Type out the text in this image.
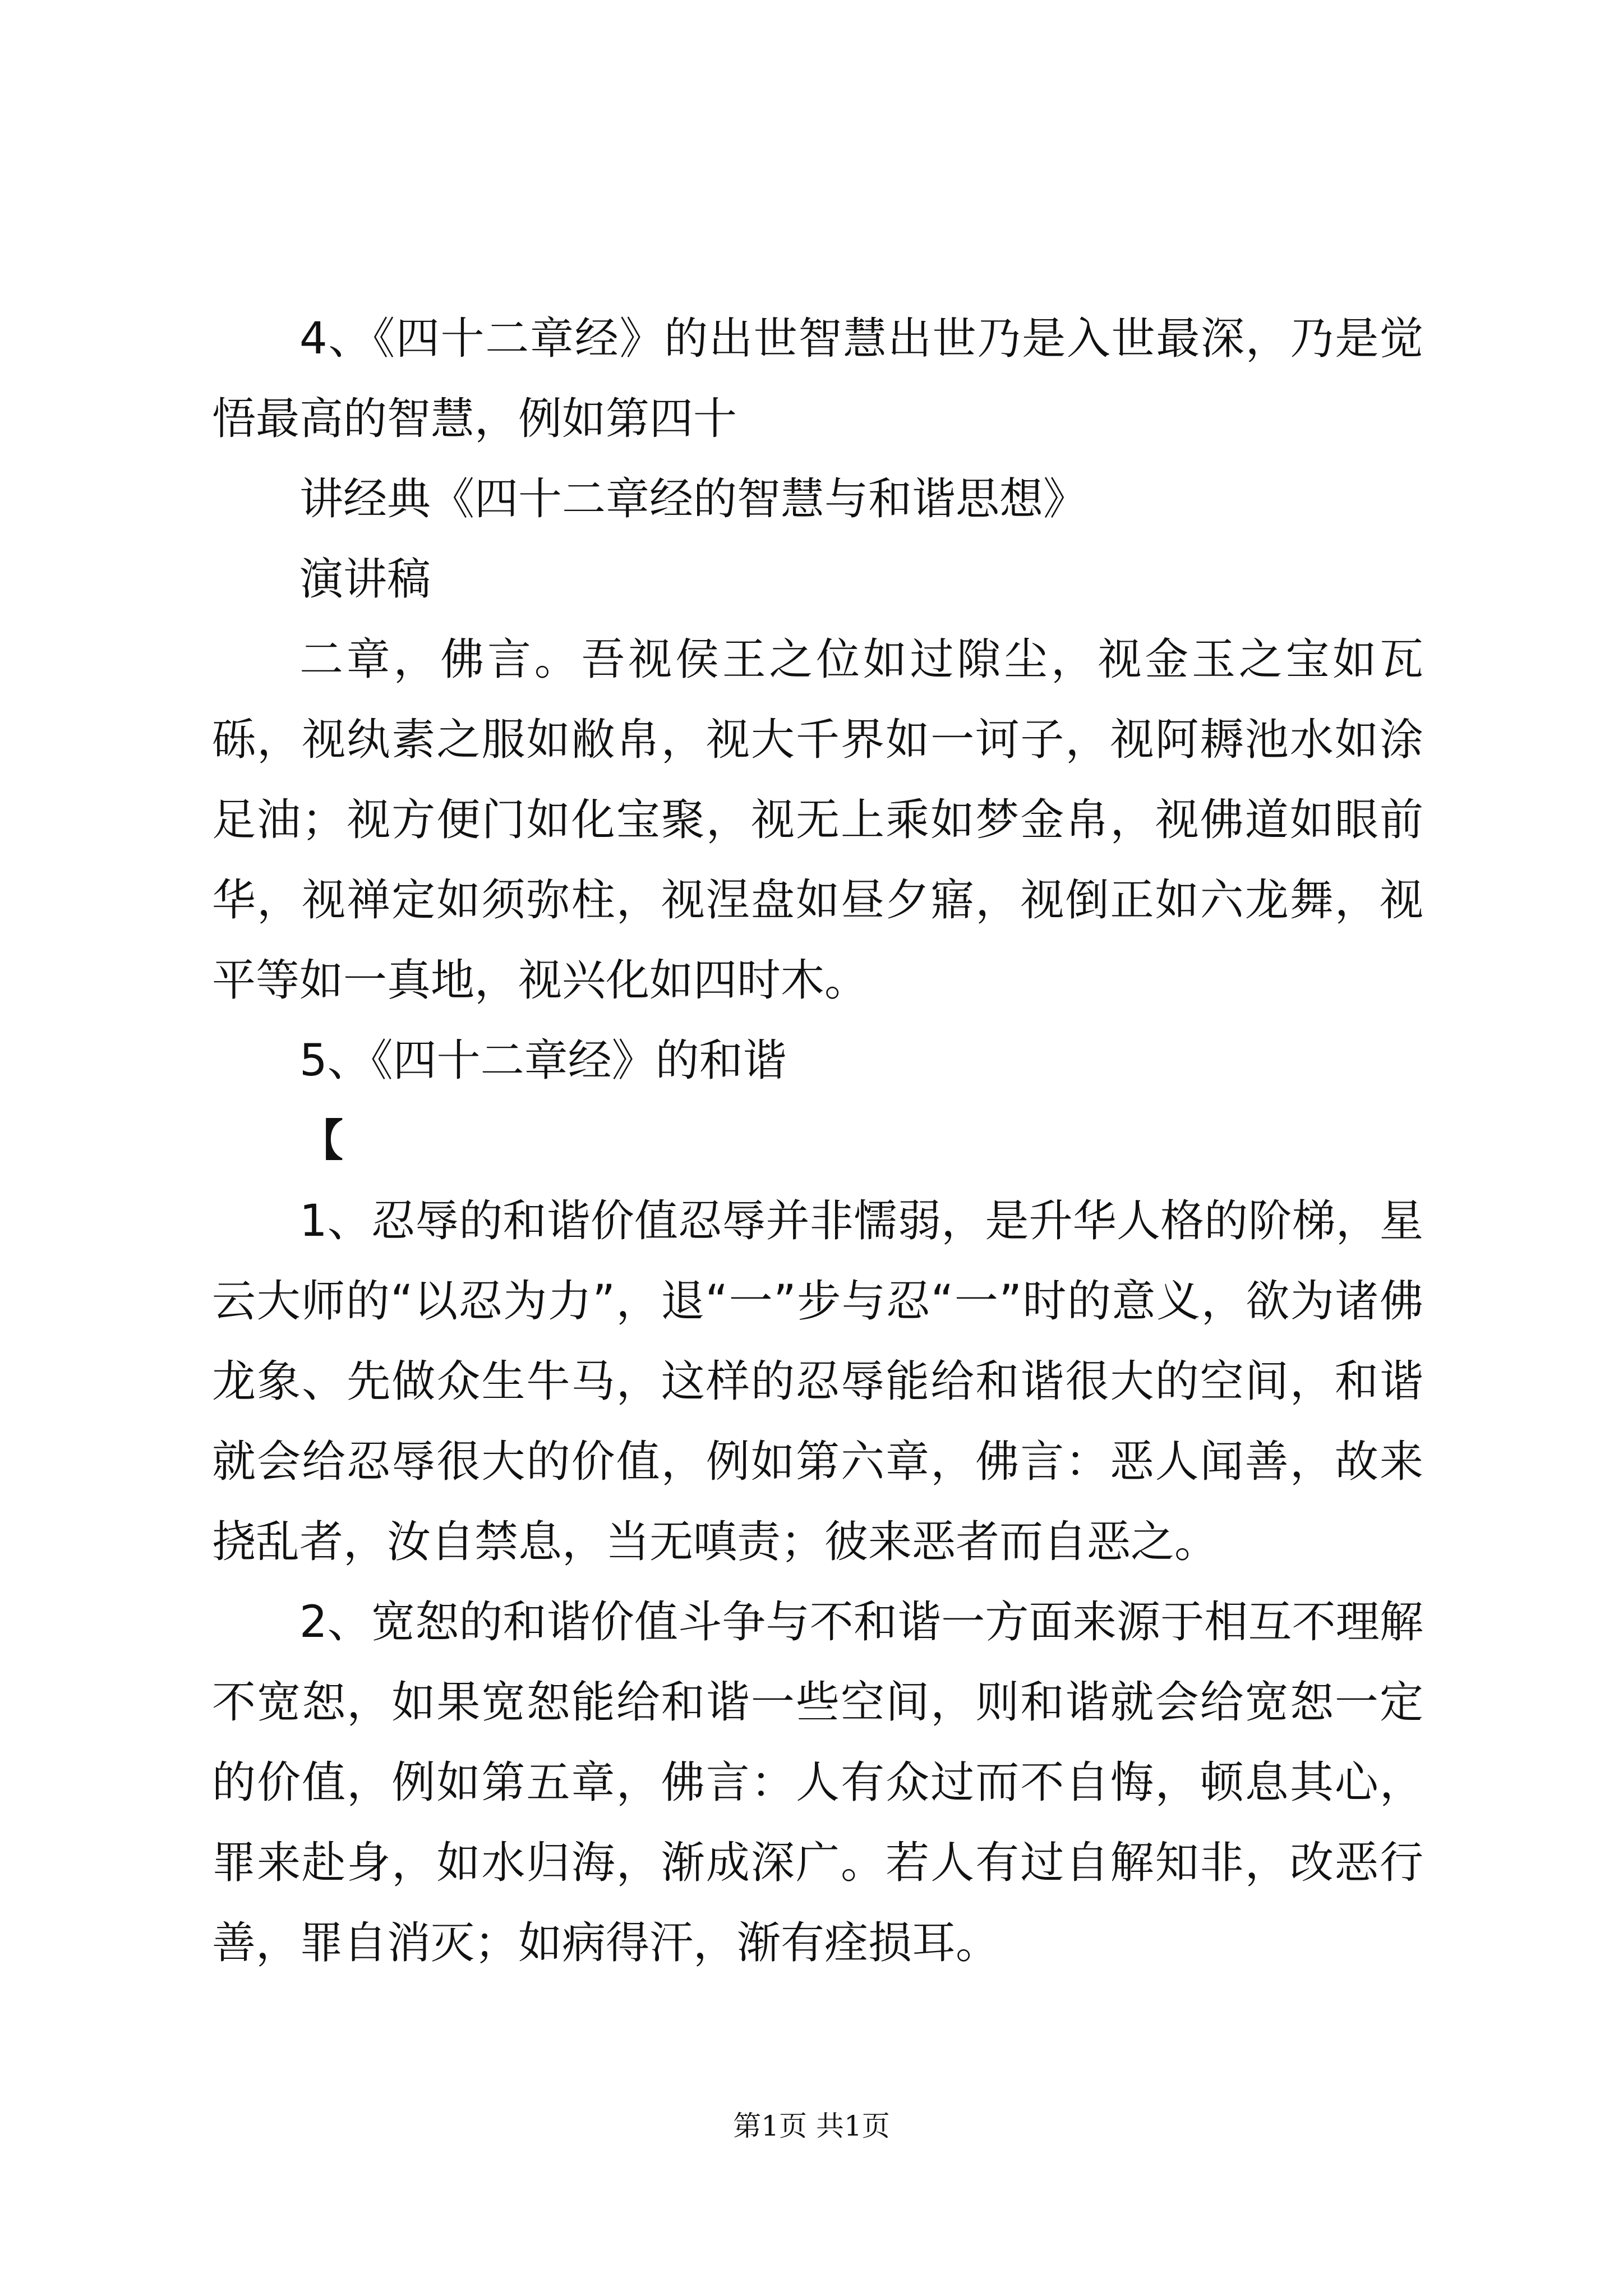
4、《四十二章经》的出世智慧出世乃是入世最深，乃是觉悟最高的智慧，例如第四十

讲经典《四十二章经的智慧与和谐思想》

演讲稿

二章，佛言。吾视侯王之位如过隙尘，视金玉之宝如瓦砾，视纨素之服如敝帛，视大千界如一诃子，视阿耨池水如涂足油；视方便门如化宝聚，视无上乘如梦金帛，视佛道如眼前华，视禅定如须弥柱，视涅盘如昼夕寤，视倒正如六龙舞，视平等如一真地，视兴化如四时木。

5、《四十二章经》的和谐

【

1、忍辱的和谐价值忍辱并非懦弱，是升华人格的阶梯，星云大师的“以忍为力”，退“一”步与忍“一”时的意义，欲为诸佛龙象、先做众生牛马，这样的忍辱能给和谐很大的空间，和谐就会给忍辱很大的价值，例如第六章，佛言：恶人闻善，故来挠乱者，汝自禁息，当无嗔责；彼来恶者而自恶之。

2、宽恕的和谐价值斗争与不和谐一方面来源于相互不理解不宽恕，如果宽恕能给和谐一些空间，则和谐就会给宽恕一定的价值，例如第五章，佛言：人有众过而不自悔，顿息其心，罪来赴身，如水归海，渐成深广。若人有过自解知非，改恶行善，罪自消灭；如病得汗，渐有痊损耳。

第1页 共1页
